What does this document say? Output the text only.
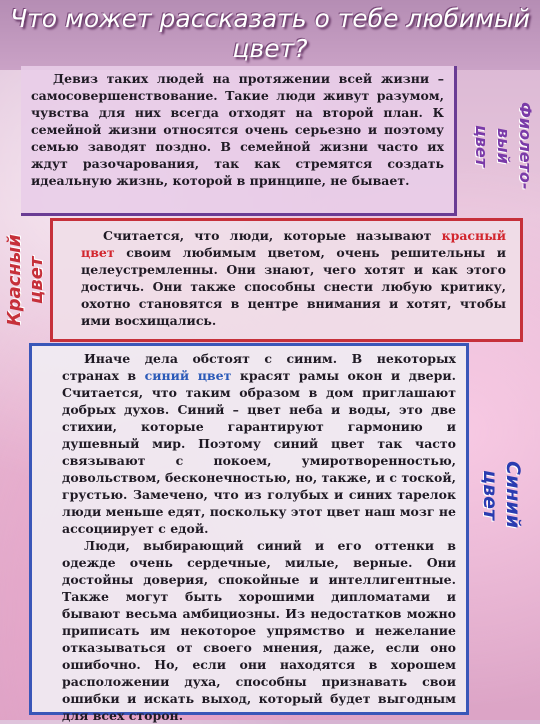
Что может рассказать о тебе любимый цвет?

Девиз таких людей на протяжении всей жизни – самосовершенствование. Такие люди живут разумом, чувства для них всегда отходят на второй план. К семейной жизни относятся очень серьезно и поэтому семью заводят поздно. В семейной жизни часто их ждут разочарования, так как стремятся создать идеальную жизнь, которой в принципе, не бывает.	Фиолето-
вый
цвет
Красный цвет

Считается, что люди, которые называют красный цвет своим любимым цветом, очень решительны и целеустремленны. Они знают, чего хотят и как этого достичь. Они также способны снести любую критику, охотно становятся в центре внимания и хотят, чтобы ими восхищались.

Иначе дела обстоят с синим. В некоторых странах в синий цвет красят рамы окон и двери. Считается, что таким образом в дом приглашают добрых духов. Синий – цвет неба и воды, это две стихии, которые гарантируют гармонию и душевный мир. Поэтому синий цвет так часто связывают с покоем, умиротворенностью, довольством, бесконечностью, но, также, и с тоской, грустью. Замечено, что из голубых и синих тарелок люди меньше едят, поскольку этот цвет наш мозг не ассоциирует с едой.

Люди, выбирающий синий и его оттенки в одежде очень сердечные, милые, верные. Они достойны доверия, спокойные и интеллигентные. Также могут быть хорошими дипломатами и бывают весьма амбициозны. Из недостатков можно приписать им некоторое упрямство и нежелание отказываться от своего мнения, даже, если оно ошибочно. Но, если они находятся в хорошем расположении духа, способны признавать свои ошибки и искать выход, который будет выгодным для всех сторон.

Синий
цвет
